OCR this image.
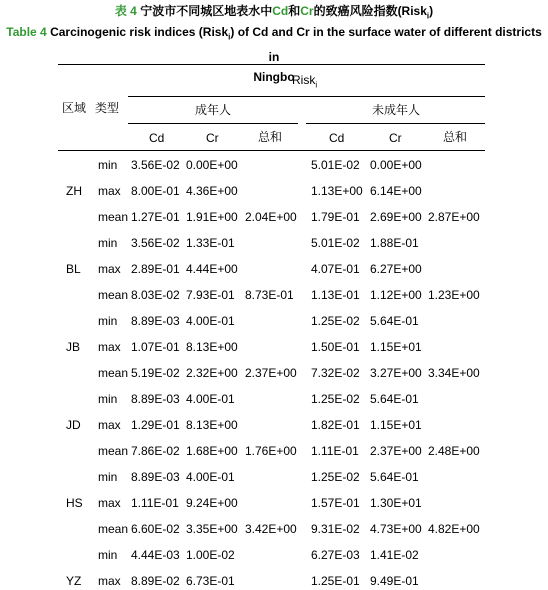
表 4 宁波市不同城区地表水中Cd和Cr的致癌风险指数(Risk$_i$)
Table 4 Carcinogenic risk indices (Risk$_i$) of Cd and Cr in the surface water of different districts in
Ningbo
区域 类型
Risk$_i$
成年人	未成年人
Cd	Cr	总和	Cd	Cr	总和
ZH
min 3.56E-02 0.00E+00	5.01E-02 0.00E+00
max 8.00E-01 4.36E+00	1.13E+00 6.14E+00
mean 1.27E-01 1.91E+00 2.04E+00 1.79E-01 2.69E+00 2.87E+00
BL
min 3.56E-02 1.33E-01	5.01E-02 1.88E-01
max 2.89E-01 4.44E+00	4.07E-01 6.27E+00
mean 8.03E-02 7.93E-01 8.73E-01 1.13E-01 1.12E+00 1.23E+00
JB
min 8.89E-03 4.00E-01	1.25E-02 5.64E-01
max 1.07E-01 8.13E+00	1.50E-01 1.15E+01
mean 5.19E-02 2.32E+00 2.37E+00 7.32E-02 3.27E+00 3.34E+00
JD
min 8.89E-03 4.00E-01	1.25E-02 5.64E-01
max 1.29E-01 8.13E+00	1.82E-01 1.15E+01
mean 7.86E-02 1.68E+00 1.76E+00 1.11E-01 2.37E+00 2.48E+00
HS
min 8.89E-03 4.00E-01	1.25E-02 5.64E-01
max 1.11E-01 9.24E+00	1.57E-01 1.30E+01
mean 6.60E-02 3.35E+00 3.42E+00 9.31E-02 4.73E+00 4.82E+00
YZ
min 4.44E-03 1.00E-02	6.27E-03 1.41E-02
max 8.89E-02 6.73E-01	1.25E-01 9.49E-01
